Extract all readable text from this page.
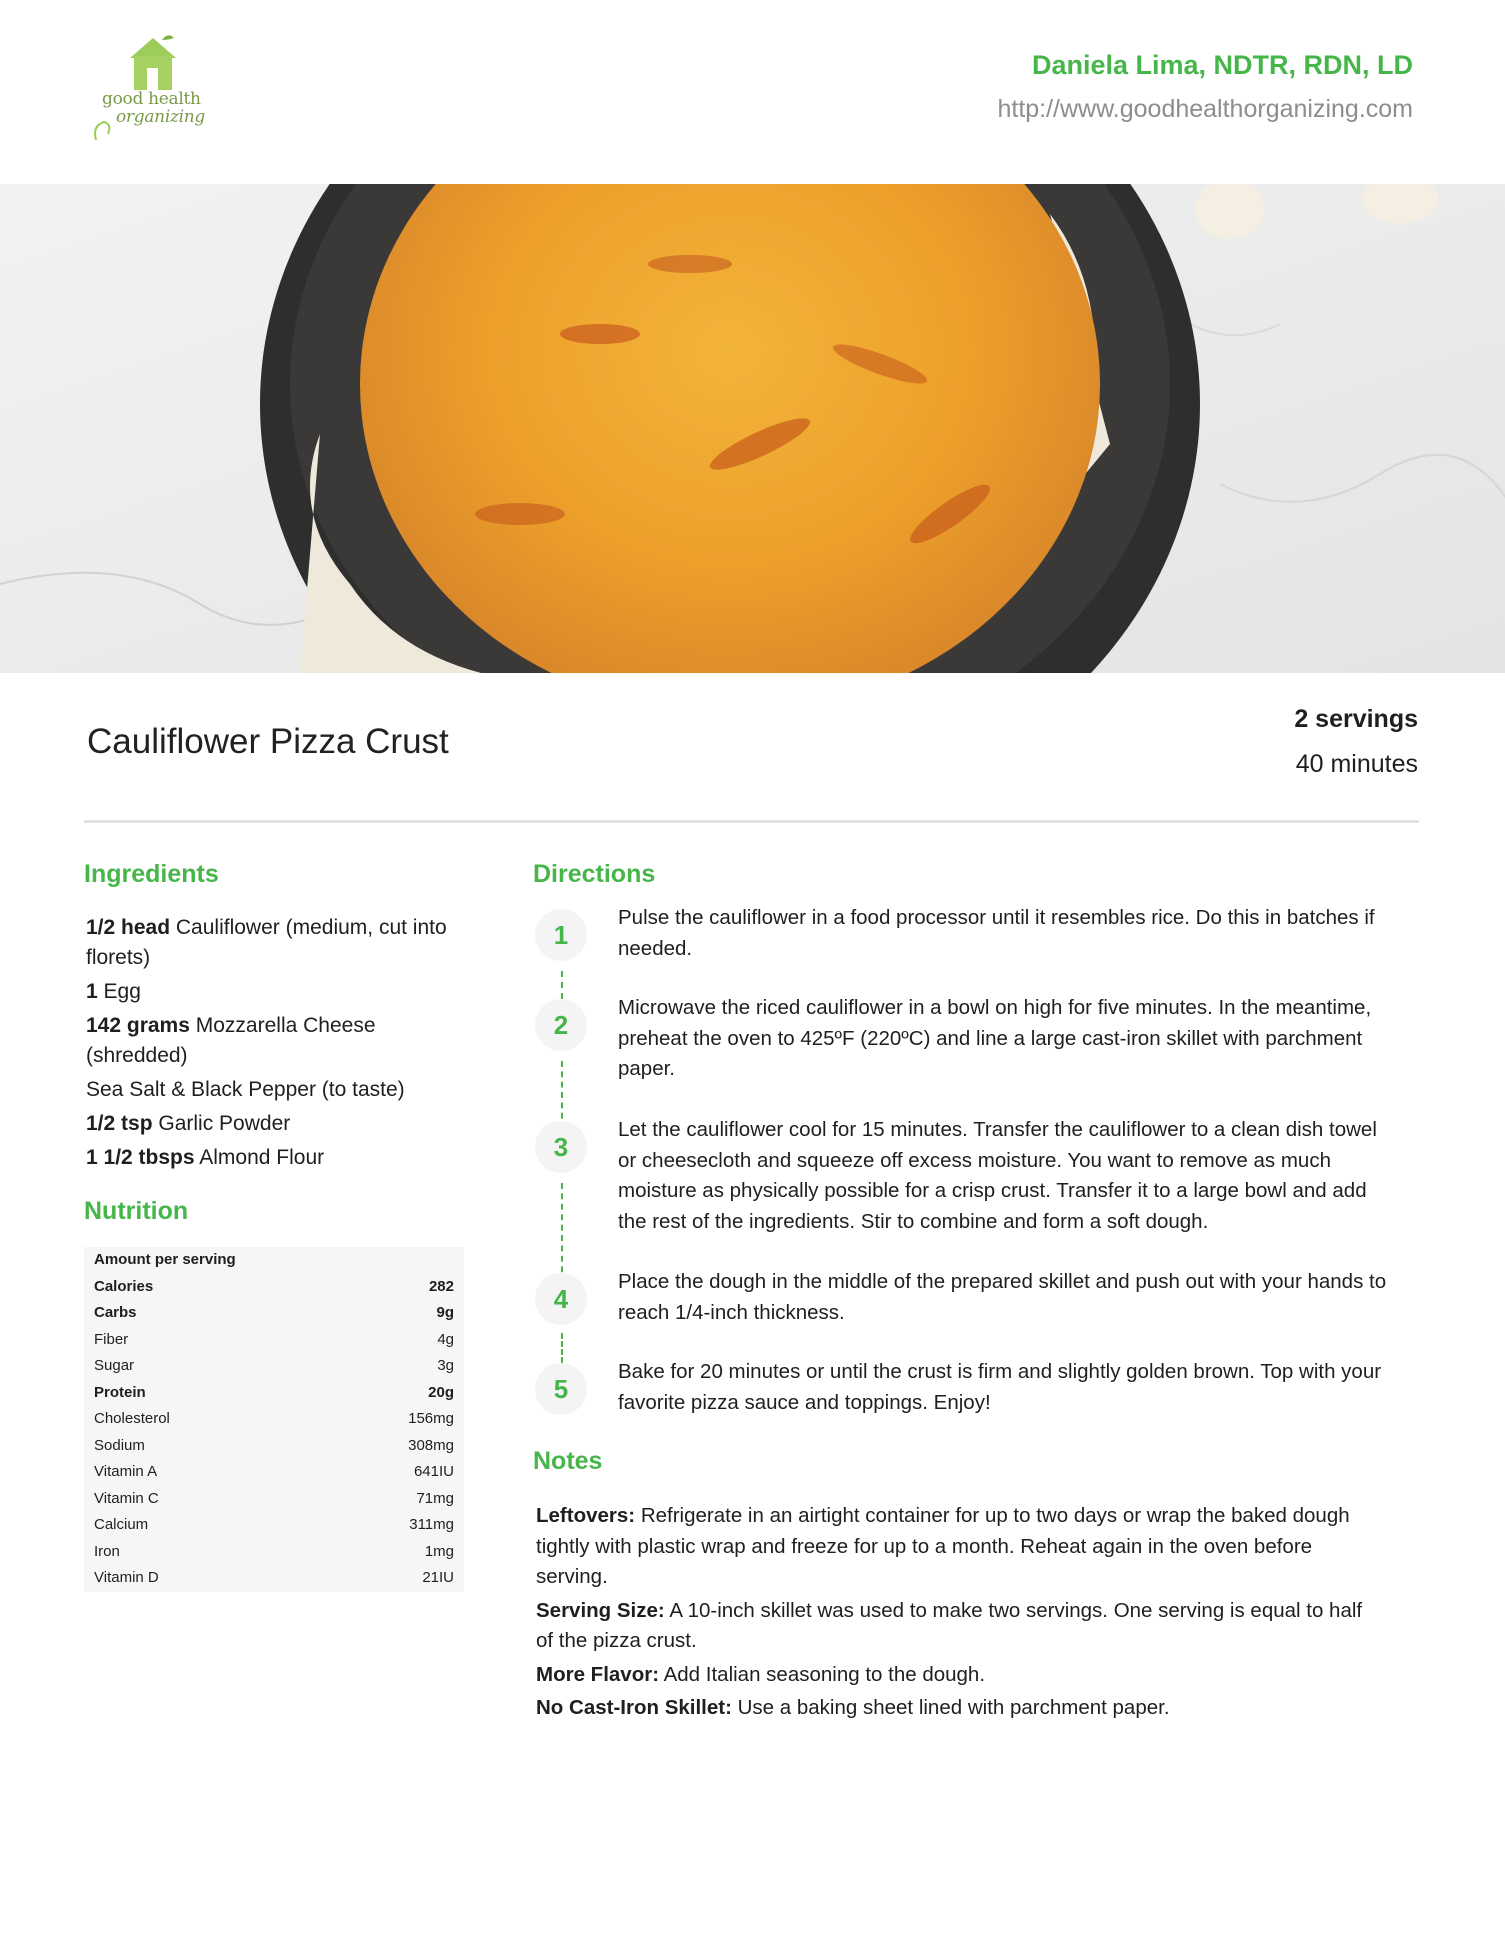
good health
organizing
Daniela Lima, NDTR, RDN, LD
http://www.goodhealthorganizing.com
Cauliflower Pizza Crust
2 servings
40 minutes
Ingredients
1/2 head Cauliflower (medium, cut into florets)
1 Egg
142 grams Mozzarella Cheese (shredded)
Sea Salt & Black Pepper (to taste)
1/2 tsp Garlic Powder
1 1/2 tbsps Almond Flour
Nutrition
Amount per serving
Calories	282
Carbs	9g
Fiber	4g
Sugar	3g
Protein	20g
Cholesterol	156mg
Sodium	308mg
Vitamin A	641IU
Vitamin C	71mg
Calcium	311mg
Iron	1mg
Vitamin D	21IU
Directions
1
Pulse the cauliflower in a food processor until it resembles rice. Do this in batches if needed.
2
Microwave the riced cauliflower in a bowl on high for five minutes. In the meantime, preheat the oven to 425ºF (220ºC) and line a large cast-iron skillet with parchment paper.
3
Let the cauliflower cool for 15 minutes. Transfer the cauliflower to a clean dish towel or cheesecloth and squeeze off excess moisture. You want to remove as much moisture as physically possible for a crisp crust. Transfer it to a large bowl and add the rest of the ingredients. Stir to combine and form a soft dough.
4
Place the dough in the middle of the prepared skillet and push out with your hands to reach 1/4-inch thickness.
5
Bake for 20 minutes or until the crust is firm and slightly golden brown. Top with your favorite pizza sauce and toppings. Enjoy!
Notes
Leftovers: Refrigerate in an airtight container for up to two days or wrap the baked dough tightly with plastic wrap and freeze for up to a month. Reheat again in the oven before serving.
Serving Size: A 10-inch skillet was used to make two servings. One serving is equal to half of the pizza crust.
More Flavor: Add Italian seasoning to the dough.
No Cast-Iron Skillet: Use a baking sheet lined with parchment paper.
